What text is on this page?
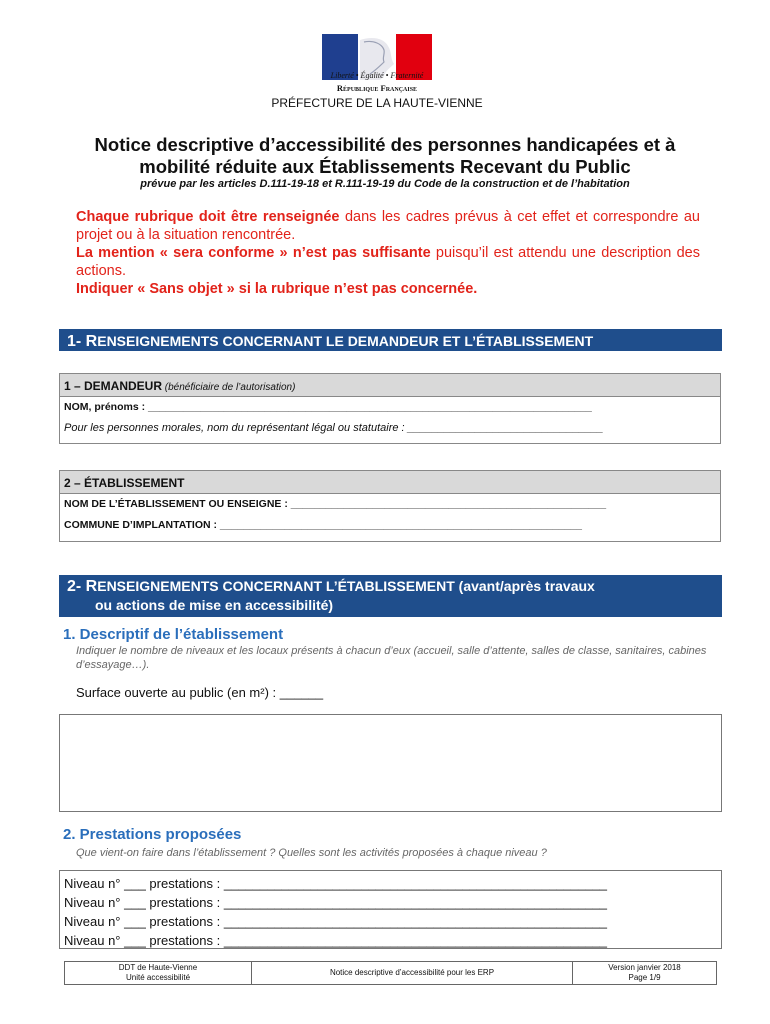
Liberté • Égalité • Fraternité
République Française
PRÉFECTURE DE LA HAUTE-VIENNE
Notice descriptive d’accessibilité des personnes handicapées et à
mobilité réduite aux Établissements Recevant du Public
prévue par les articles D.111-19-18 et R.111-19-19 du Code de la construction et de l’habitation

Chaque rubrique doit être renseignée dans les cadres prévus à cet effet et correspondre au projet ou à la situation rencontrée.

La mention « sera conforme » n’est pas suffisante puisqu’il est attendu une description des actions.

Indiquer « Sans objet » si la rubrique n’est pas concernée.

1- RENSEIGNEMENTS CONCERNANT LE DEMANDEUR ET L’ÉTABLISSEMENT
1 – DEMANDEUR (bénéficiaire de l’autorisation)
NOM, prénoms : ____________________________________________________________________________
Pour les personnes morales, nom du représentant légal ou statutaire : ________________________________
2 – ÉTABLISSEMENT
NOM DE L’ÉTABLISSEMENT OU ENSEIGNE : ______________________________________________________
COMMUNE D’IMPLANTATION : ______________________________________________________________
2- RENSEIGNEMENTS CONCERNANT L’ÉTABLISSEMENT (avant/après travaux
ou actions de mise en accessibilité)
1. Descriptif de l’établissement
Indiquer le nombre de niveaux et les locaux présents à chacun d’eux (accueil, salle d’attente, salles de classe, sanitaires, cabines d’essayage…).
Surface ouverte au public (en m²) : ______
2. Prestations proposées
Que vient-on faire dans l’établissement ? Quelles sont les activités proposées à chaque niveau ?
Niveau n° ___ prestations : _____________________________________________________
Niveau n° ___ prestations : _____________________________________________________
Niveau n° ___ prestations : _____________________________________________________
Niveau n° ___ prestations : _____________________________________________________
DDT de Haute-Vienne
Unité accessibilité
Notice descriptive d’accessibilité pour les ERP
Version janvier 2018
Page 1/9
